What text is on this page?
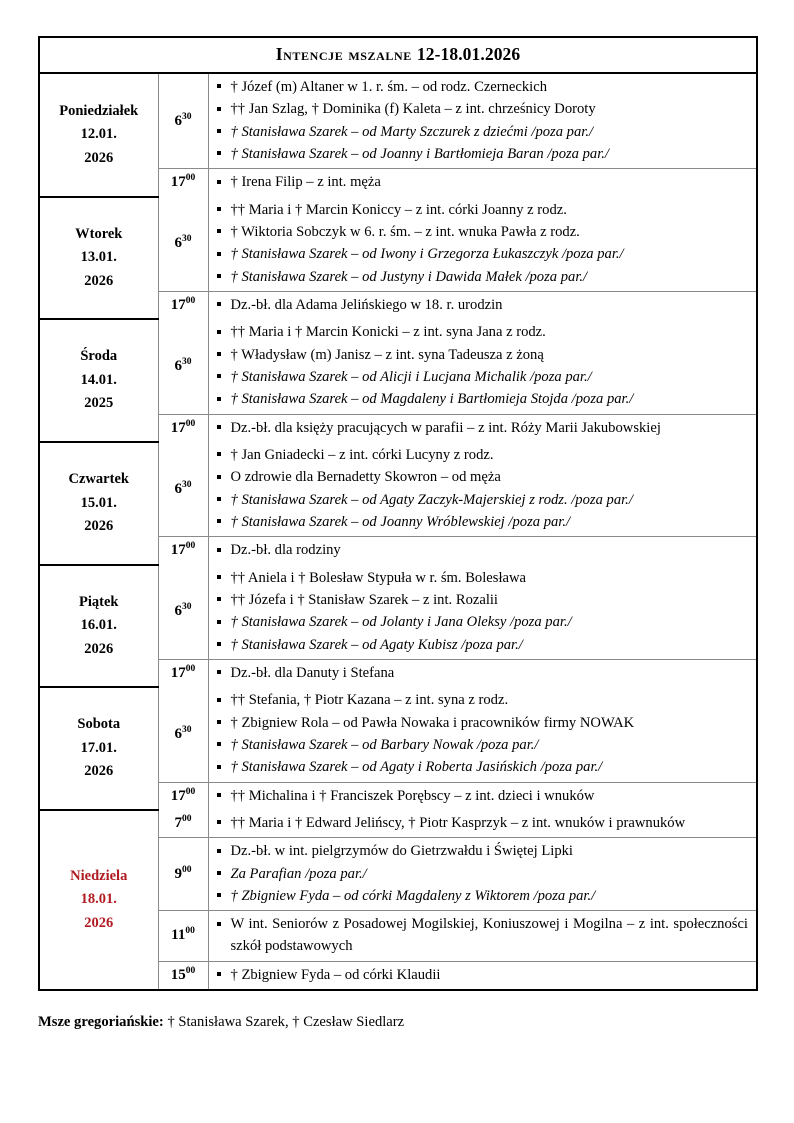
Intencje mszalne 12-18.01.2026		

Poniedziałek
12.01.
2026
	$6^{30}$	
† Józef (m) Altaner w 1. r. śm. – od rodz. Czerneckich
†† Jan Szlag, † Dominika (f) Kaleta – z int. chrześnicy Doroty
† Stanisława Szarek – od Marty Szczurek z dziećmi /poza par./
† Stanisława Szarek – od Joanny i Bartłomieja Baran /poza par./

$17^{00}$	† Irena Filip – z int. męża

Wtorek
13.01.
2026
	$6^{30}$	
†† Maria i † Marcin Koniccy – z int. córki Joanny z rodz.
† Wiktoria Sobczyk w 6. r. śm. – z int. wnuka Pawła z rodz.
† Stanisława Szarek – od Iwony i Grzegorza Łukaszczyk /poza par./
† Stanisława Szarek – od Justyny i Dawida Małek /poza par./

$17^{00}$	Dz.-bł. dla Adama Jelińskiego w 18. r. urodzin

Środa
14.01.
2025
	$6^{30}$	
†† Maria i † Marcin Konicki – z int. syna Jana z rodz.
† Władysław (m) Janisz – z int. syna Tadeusza z żoną
† Stanisława Szarek – od Alicji i Lucjana Michalik /poza par./
† Stanisława Szarek – od Magdaleny i Bartłomieja Stojda /poza par./

$17^{00}$	Dz.-bł. dla księży pracujących w parafii – z int. Róży Marii Jakubowskiej

Czwartek
15.01.
2026
	$6^{30}$	
† Jan Gniadecki – z int. córki Lucyny z rodz.
O zdrowie dla Bernadetty Skowron – od męża
† Stanisława Szarek – od Agaty Zaczyk-Majerskiej z rodz. /poza par./
† Stanisława Szarek – od Joanny Wróblewskiej /poza par./

$17^{00}$	Dz.-bł. dla rodziny

Piątek
16.01.
2026
	$6^{30}$	
†† Aniela i † Bolesław Stypuła w r. śm. Bolesława
†† Józefa i † Stanisław Szarek – z int. Rozalii
† Stanisława Szarek – od Jolanty i Jana Oleksy /poza par./
† Stanisława Szarek – od Agaty Kubisz /poza par./

$17^{00}$	Dz.-bł. dla Danuty i Stefana

Sobota
17.01.
2026
	$6^{30}$	
†† Stefania, † Piotr Kazana – z int. syna z rodz.
† Zbigniew Rola – od Pawła Nowaka i pracowników firmy NOWAK
† Stanisława Szarek – od Barbary Nowak /poza par./
† Stanisława Szarek – od Agaty i Roberta Jasińskich /poza par./

$17^{00}$	†† Michalina i † Franciszek Porębscy – z int. dzieci i wnuków

Niedziela
18.01.
2026
	$7^{00}$	†† Maria i † Edward Jelińscy, † Piotr Kasprzyk – z int. wnuków i prawnuków

$9^{00}$	
Dz.-bł. w int. pielgrzymów do Gietrzwałdu i Świętej Lipki
Za Parafian /poza par./
† Zbigniew Fyda – od córki Magdaleny z Wiktorem /poza par./

$11^{00}$	W int. Seniorów z Posadowej Mogilskiej, Koniuszowej i Mogilna – z int. społeczności szkół podstawowych

$15^{00}$	† Zbigniew Fyda – od córki Klaudii
Msze gregoriańskie: † Stanisława Szarek, † Czesław Siedlarz
